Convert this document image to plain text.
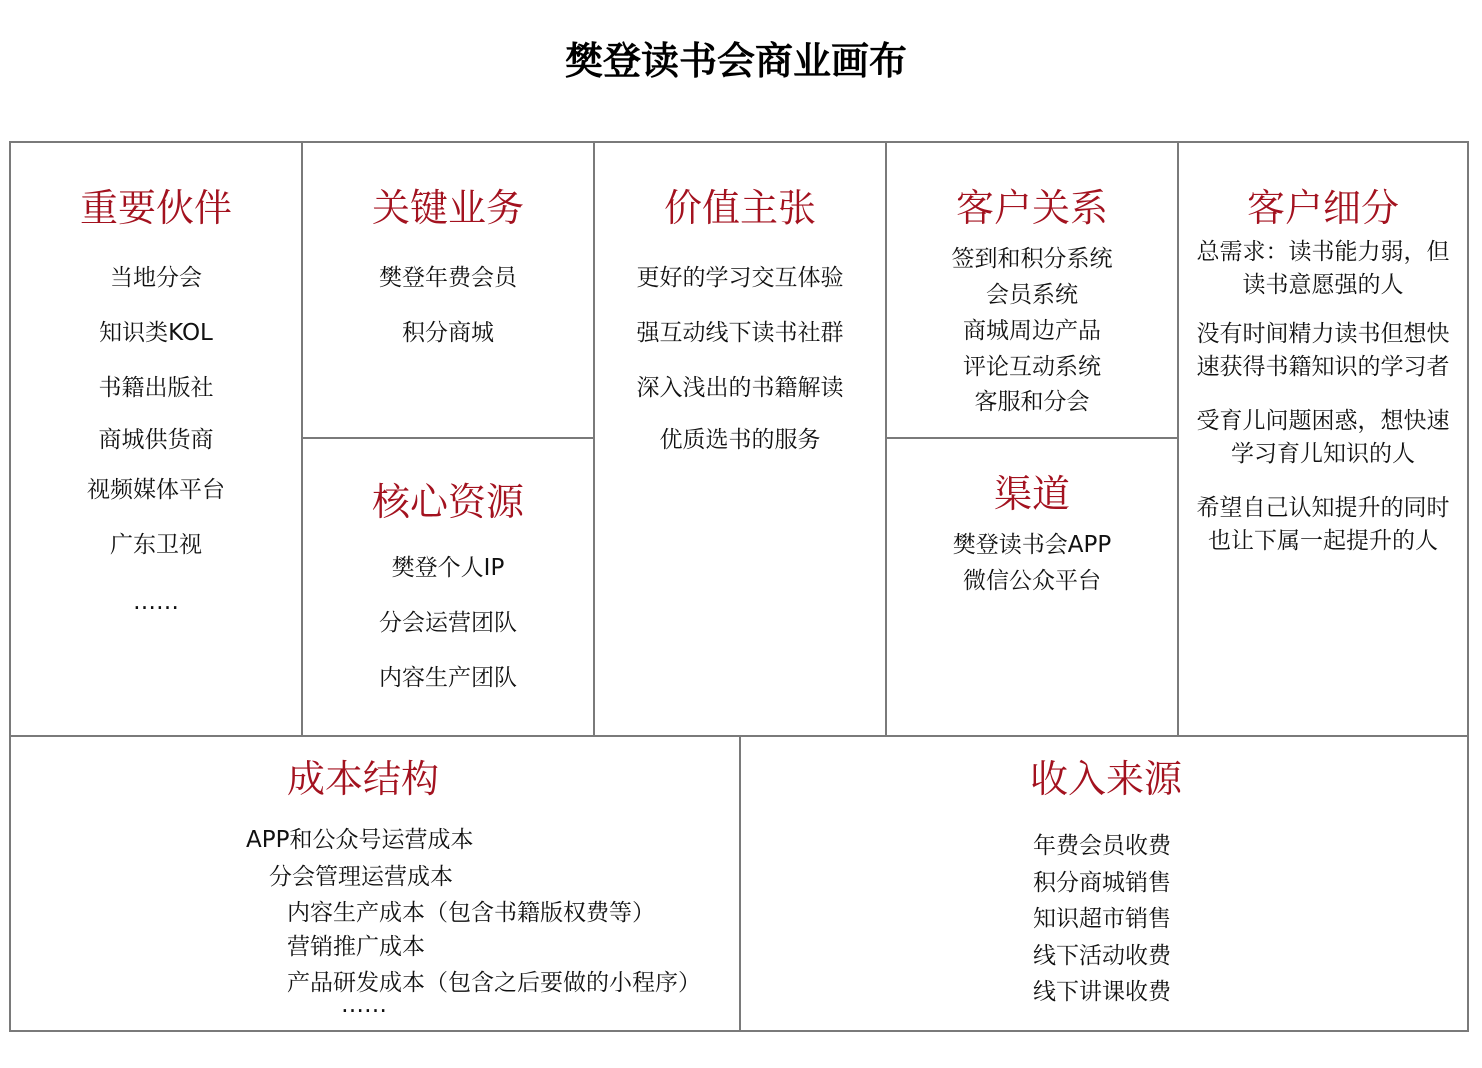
樊登读书会商业画布
重要伙伴
当地分会
知识类KOL
书籍出版社
商城供货商
视频媒体平台
广东卫视
……
关键业务
樊登年费会员
积分商城
核心资源
樊登个人IP
分会运营团队
内容生产团队
价值主张
更好的学习交互体验
强互动线下读书社群
深入浅出的书籍解读
优质选书的服务
客户关系
签到和积分系统
会员系统
商城周边产品
评论互动系统
客服和分会
渠道
樊登读书会APP
微信公众平台
客户细分
总需求：读书能力弱，但
读书意愿强的人
没有时间精力读书但想快
速获得书籍知识的学习者
受育儿问题困惑，想快速
学习育儿知识的人
希望自己认知提升的同时
也让下属一起提升的人
成本结构
APP和公众号运营成本
分会管理运营成本
内容生产成本（包含书籍版权费等）
营销推广成本
产品研发成本（包含之后要做的小程序）
……
收入来源
年费会员收费
积分商城销售
知识超市销售
线下活动收费
线下讲课收费
